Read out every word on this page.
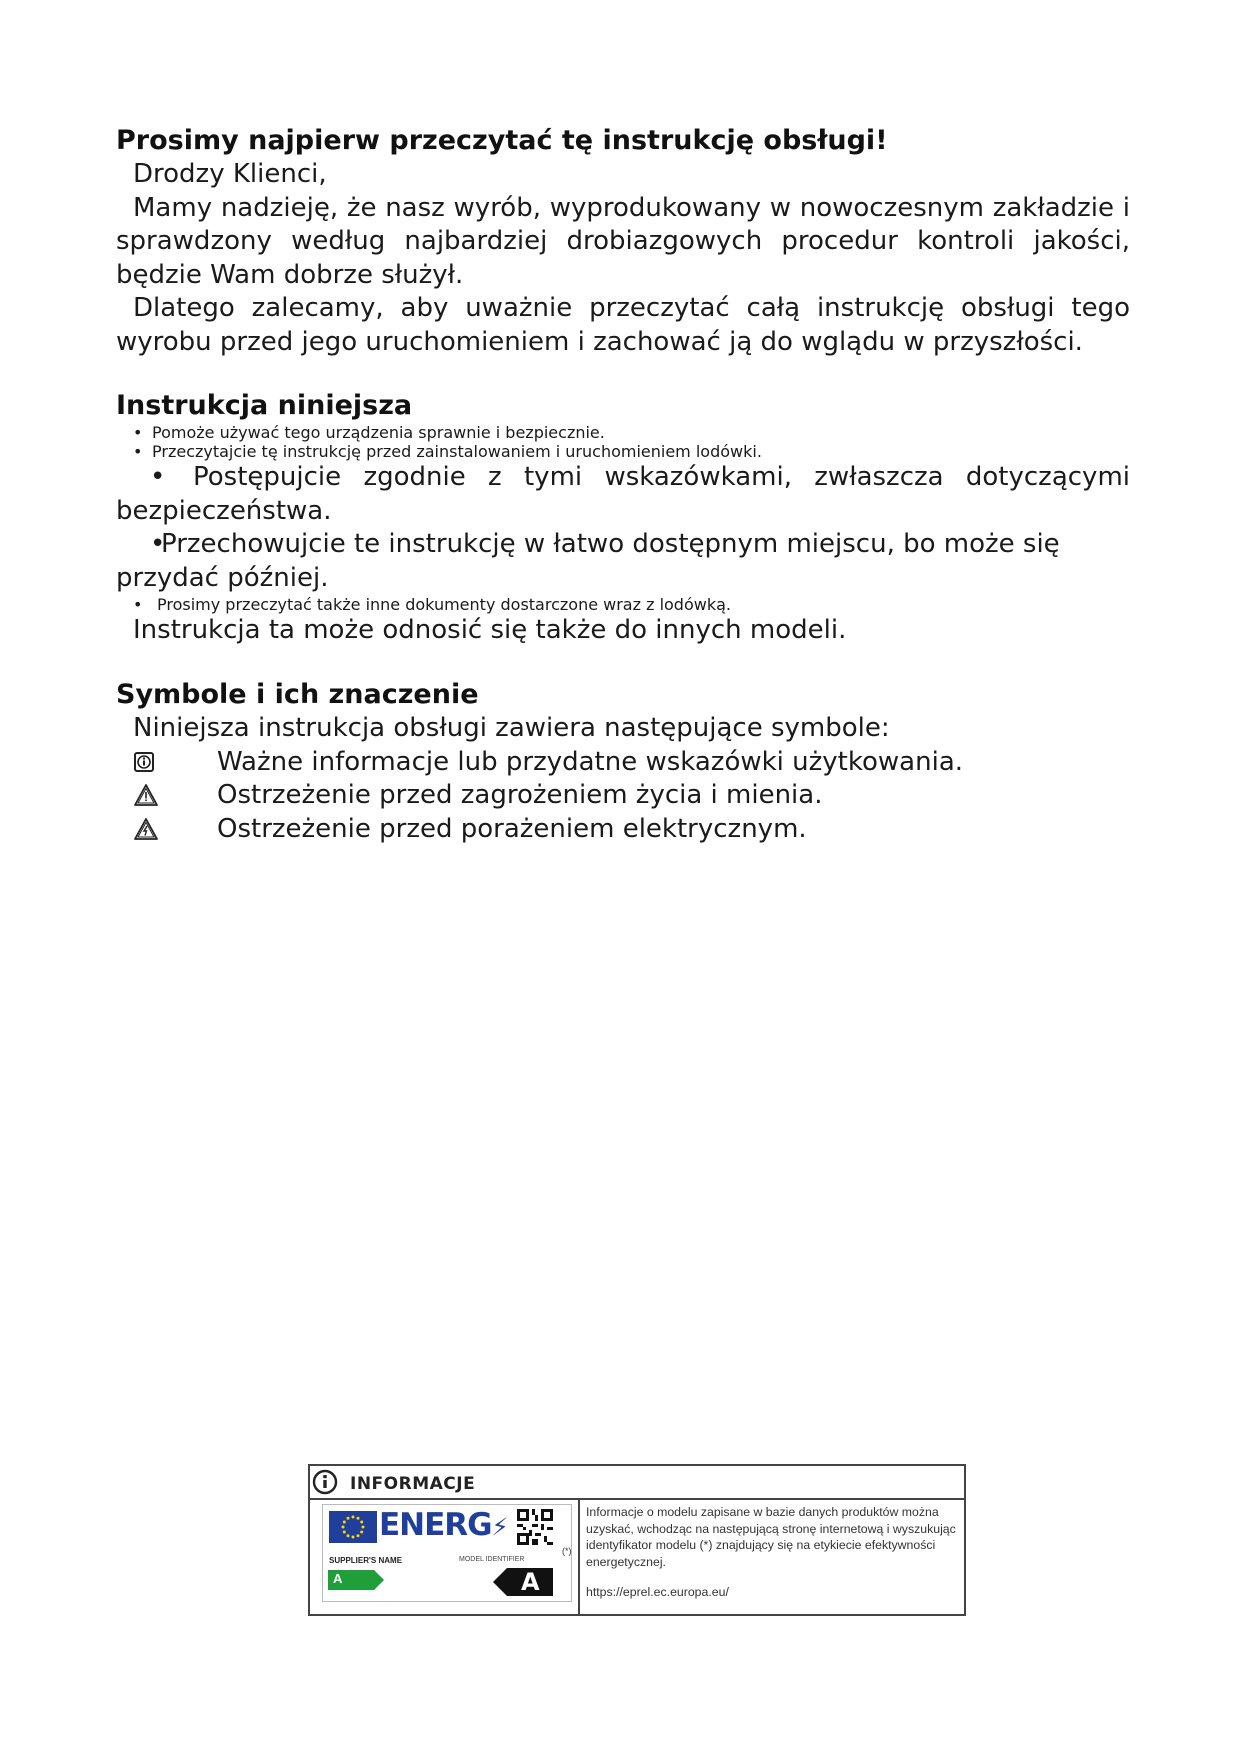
Prosimy najpierw przeczytać tę instrukcję obsługi!

Drodzy Klienci,

Mamy nadzieję, że nasz wyrób, wyprodukowany w nowoczesnym zakładzie i sprawdzony według najbardziej drobiazgowych procedur kontroli jakości, będzie Wam dobrze służył.

Dlatego zalecamy, aby uważnie przeczytać całą instrukcję obsługi tego wyrobu przed jego uruchomieniem i zachować ją do wglądu w przyszłości.

Instrukcja niniejsza
• Pomoże używać tego urządzenia sprawnie i bezpiecznie.
• Przeczytajcie tę instrukcję przed zainstalowaniem i uruchomieniem lodówki.

• Postępujcie zgodnie z tymi wskazówkami, zwłaszcza dotyczącymi bezpieczeństwa.

•Przechowujcie te instrukcję w łatwo dostępnym miejscu, bo może się przydać później.

• Prosimy przeczytać także inne dokumenty dostarczone wraz z lodówką.

Instrukcja ta może odnosić się także do innych modeli.

Symbole i ich znaczenie

Niniejsza instrukcja obsługi zawiera następujące symbole:

Ważne informacje lub przydatne wskazówki użytkowania.
Ostrzeżenie przed zagrożeniem życia i mienia.
Ostrzeżenie przed porażeniem elektrycznym.
INFORMACJE
ENERG⚡
SUPPLIER'S NAME	MODEL IDENTIFIER
A	A
(*)
Informacje o modelu zapisane w bazie danych produktów można uzyskać, wchodząc na następującą stronę internetową i wyszukując identyfikator modelu (*) znajdujący się na etykiecie efektywności energetycznej.
https://eprel.ec.europa.eu/
